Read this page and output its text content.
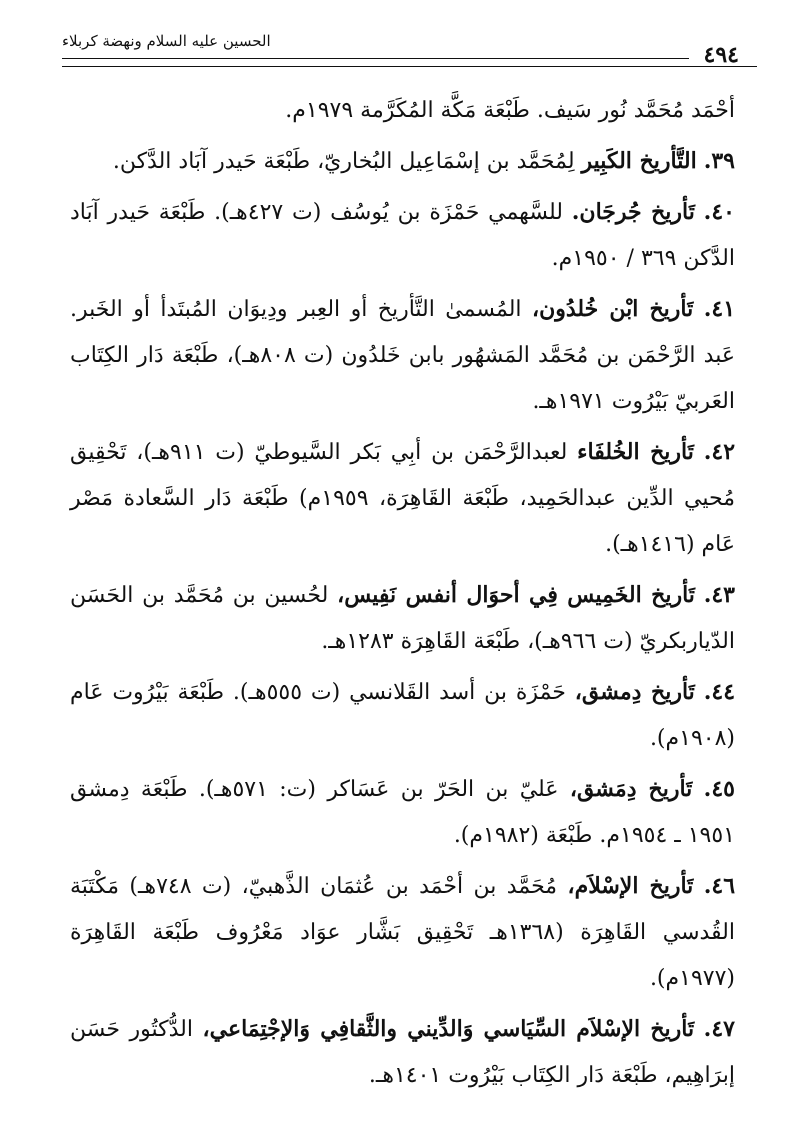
الحسين عليه السلام ونهضة كربلاء
٤٩٤

أحْمَد مُحَمَّد نُور سَيف. طَبْعَة مَكَّة المُكَرَّمة ١٩٧٩م.

٣٩. التَّأريخ الكَبِير لِمُحَمَّد بن إسْمَاعِيل البُخاريّ، طَبْعَة حَيدر آبَاد الدَّكن.

٤٠. تَأريخ جُرجَان. للسَّهمي حَمْزَة بن يُوسُف (ت ٤٢٧هـ). طَبْعَة حَيدر آبَاد الدَّكن ٣٦٩ / ١٩٥٠م.

٤١. تَأريخ ابْن خُلدُون، المُسمىٰ التَّأريخ أو العِبر ودِيوَان المُبتَدأ أو الخَبر. عَبد الرَّحْمَن بن مُحَمَّد المَشهُور بابن خَلدُون (ت ٨٠٨هـ)، طَبْعَة دَار الكِتَاب العَربيّ بَيْرُوت ١٩٧١هـ.

٤٢. تَأريخ الخُلفَاء لعبدالرَّحْمَن بن أبِي بَكر السَّيوطيّ (ت ٩١١هـ)، تَحْقِيق مُحيي الدِّين عبدالحَمِيد، طَبْعَة القَاهِرَة، ١٩٥٩م) طَبْعَة دَار السَّعادة مَصْر عَام (١٤١٦هـ).

٤٣. تَأريخ الخَمِيس فِي أحوَال أنفس نَفِيس، لحُسين بن مُحَمَّد بن الحَسَن الدّياربكريّ (ت ٩٦٦هـ)، طَبْعَة القَاهِرَة ١٢٨٣هـ.

٤٤. تَأريخ دِمشق، حَمْزَة بن أسد القَلانسي (ت ٥٥٥هـ). طَبْعَة بَيْرُوت عَام (١٩٠٨م).

٤٥. تَأريخ دِمَشق، عَليّ بن الحَرّ بن عَسَاكر (ت: ٥٧١هـ). طَبْعَة دِمشق ١٩٥١ ـ ١٩٥٤م. طَبْعَة (١٩٨٢م).

٤٦. تَأريخ الإسْلاَم، مُحَمَّد بن أحْمَد بن عُثمَان الذَّهبيّ، (ت ٧٤٨هـ) مَكْتَبَة القُدسي القَاهِرَة (١٣٦٨هـ تَحْقِيق بَشَّار عوَاد مَعْرُوف طَبْعَة القَاهِرَة (١٩٧٧م).

٤٧. تَأريخ الإسْلاَم السِّيَاسي وَالدِّيني والثَّقافِي وَالإجْتِمَاعي، الدُّكتُور حَسَن إبرَاهِيم، طَبْعَة دَار الكِتَاب بَيْرُوت ١٤٠١هـ.
